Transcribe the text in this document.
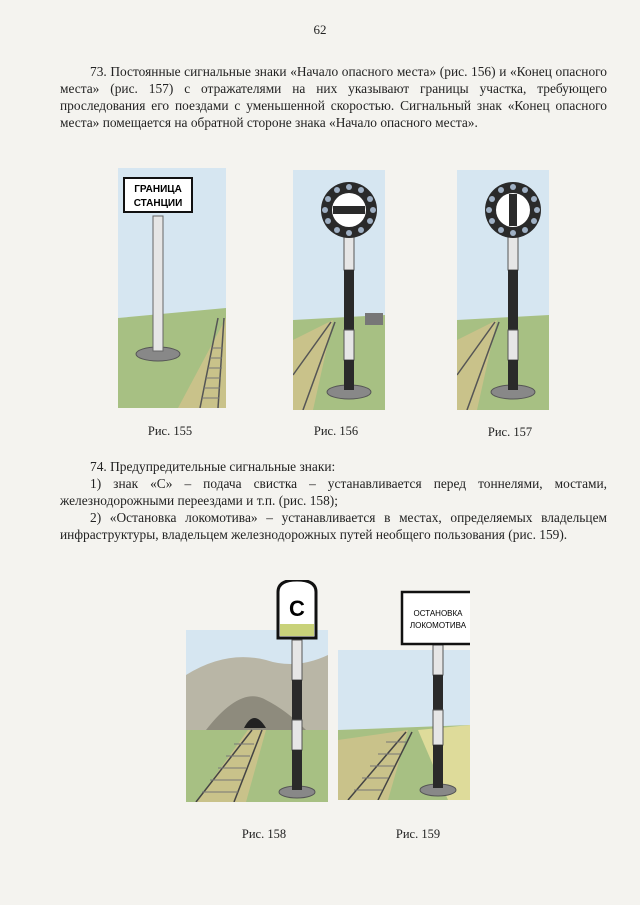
62

73. Постоянные сигнальные знаки «Начало опасного места» (рис. 156) и «Конец опасного места» (рис. 157) с отражателями на них указывают границы участка, требующего проследования его поездами с уменьшенной скоростью. Сигнальный знак «Конец опасного места» помещается на обратной стороне знака «Начало опасного места».

ГРАНИЦА
СТАНЦИИ
Рис. 155	Рис. 156	Рис. 157

74. Предупредительные сигнальные знаки:

1) знак «С» – подача свистка – устанавливается перед тоннелями, мостами, железнодорожными переездами и т.п. (рис. 158);

2) «Остановка локомотива» – устанавливается в местах, определяемых владельцем инфраструктуры, владельцем железнодорожных путей необщего пользования (рис. 159).

С
Рис. 158
ОСТАНОВКА
ЛОКОМОТИВА
Рис. 159
